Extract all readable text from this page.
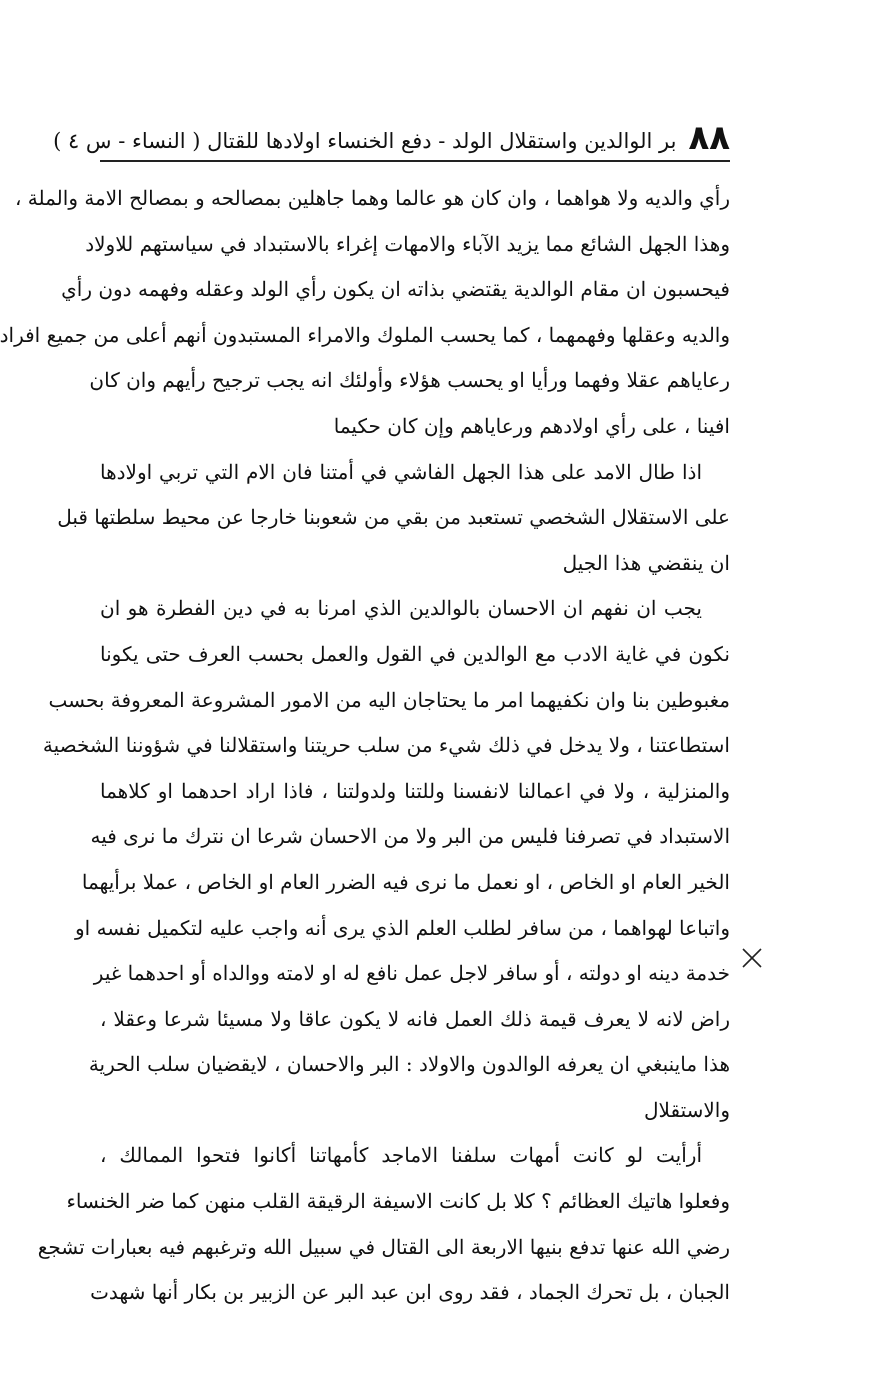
٨٨
بر الوالدين واستقلال الولد - دفع الخنساء اولادها للقتال ( النساء - س ٤ )
رأي والديه ولا هواهما ، وان كان هو عالما وهما جاهلين بمصالحه و بمصالح الامة والملة ،
وهذا الجهل الشائع مما يزيد الآباء والامهات إغراء بالاستبداد في سياستهم للاولاد
فيحسبون ان مقام الوالدية يقتضي بذاته ان يكون رأي الولد وعقله وفهمه دون رأي
والديه وعقلها وفهمهما ، كما يحسب الملوك والامراء المستبدون أنهم أعلى من جميع افراد
رعاياهم عقلا وفهما ورأيا او يحسب هؤلاء وأولئك انه يجب ترجيح رأيهم وان كان
افينا ، على رأي اولادهم ورعاياهم وإن كان حكيما
اذا طال الامد على هذا الجهل الفاشي في أمتنا فان الام التي تربي اولادها
على الاستقلال الشخصي تستعبد من بقي من شعوبنا خارجا عن محيط سلطتها قبل
ان ينقضي هذا الجيل
يجب ان نفهم ان الاحسان بالوالدين الذي امرنا به في دين الفطرة هو ان
نكون في غاية الادب مع الوالدين في القول والعمل بحسب العرف حتى يكونا
مغبوطين بنا وان نكفيهما امر ما يحتاجان اليه من الامور المشروعة المعروفة بحسب
استطاعتنا ، ولا يدخل في ذلك شيء من سلب حريتنا واستقلالنا في شؤوننا الشخصية
والمنزلية ، ولا في اعمالنا لانفسنا وللتنا ولدولتنا ، فاذا اراد احدهما او كلاهما
الاستبداد في تصرفنا فليس من البر ولا من الاحسان شرعا ان نترك ما نرى فيه
الخير العام او الخاص ، او نعمل ما نرى فيه الضرر العام او الخاص ، عملا برأيهما
واتباعا لهواهما ، من سافر لطلب العلم الذي يرى أنه واجب عليه لتكميل نفسه او
خدمة دينه او دولته ، أو سافر لاجل عمل نافع له او لامته ووالداه أو احدهما غير
راض لانه لا يعرف قيمة ذلك العمل فانه لا يكون عاقا ولا مسيئا شرعا وعقلا ،
هذا ماينبغي ان يعرفه الوالدون والاولاد : البر والاحسان ، لايقضيان سلب الحرية
والاستقلال
أرأيت لو كانت أمهات سلفنا الاماجد كأمهاتنا أكانوا فتحوا الممالك ،
وفعلوا هاتيك العظائم ؟ كلا بل كانت الاسيفة الرقيقة القلب منهن كما ضر الخنساء
رضي الله عنها تدفع بنيها الاربعة الى القتال في سبيل الله وترغبهم فيه بعبارات تشجع
الجبان ، بل تحرك الجماد ، فقد روى ابن عبد البر عن الزبير بن بكار أنها شهدت
